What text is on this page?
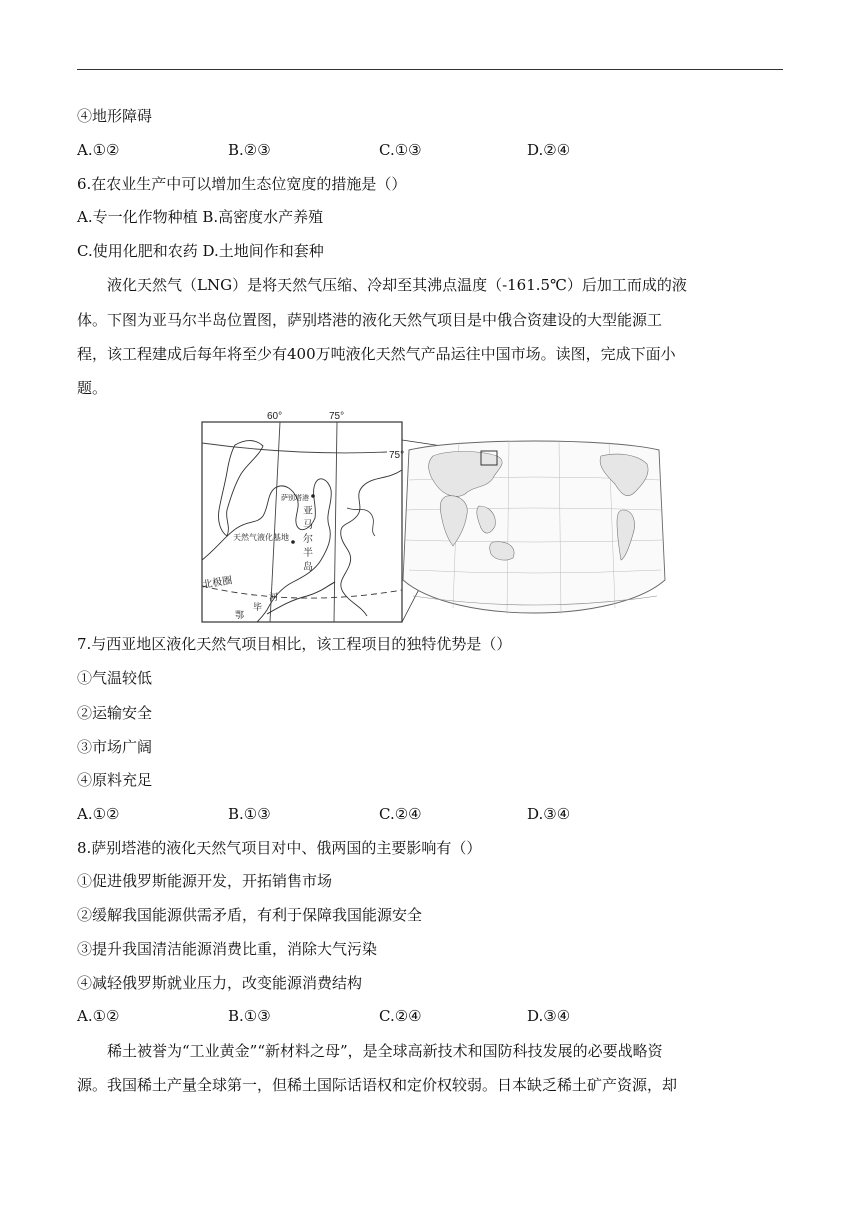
④地形障碍
A.①②	B.②③	C.①③	D.②④
6.在农业生产中可以增加生态位宽度的措施是（）
A.专一化作物种植 B.高密度水产养殖
C.使用化肥和农药 D.土地间作和套种
液化天然气（LNG）是将天然气压缩、冷却至其沸点温度（-161.5℃）后加工而成的液
体。下图为亚马尔半岛位置图，萨别塔港的液化天然气项目是中俄合资建设的大型能源工
程，该工程建成后每年将至少有400万吨液化天然气产品运往中国市场。读图，完成下面小
题。
60°	75°
75°
萨别塔港
亚
马
尔
半
岛
天然气液化基地
北极圈
河
鄂
毕
7.与西亚地区液化天然气项目相比，该工程项目的独特优势是（）
①气温较低
②运输安全
③市场广阔
④原料充足
A.①②	B.①③	C.②④	D.③④
8.萨别塔港的液化天然气项目对中、俄两国的主要影响有（）
①促进俄罗斯能源开发，开拓销售市场
②缓解我国能源供需矛盾，有利于保障我国能源安全
③提升我国清洁能源消费比重，消除大气污染
④减轻俄罗斯就业压力，改变能源消费结构
A.①②	B.①③	C.②④	D.③④
稀土被誉为“工业黄金”“新材料之母”，是全球高新技术和国防科技发展的必要战略资
源。我国稀土产量全球第一，但稀土国际话语权和定价权较弱。日本缺乏稀土矿产资源，却
